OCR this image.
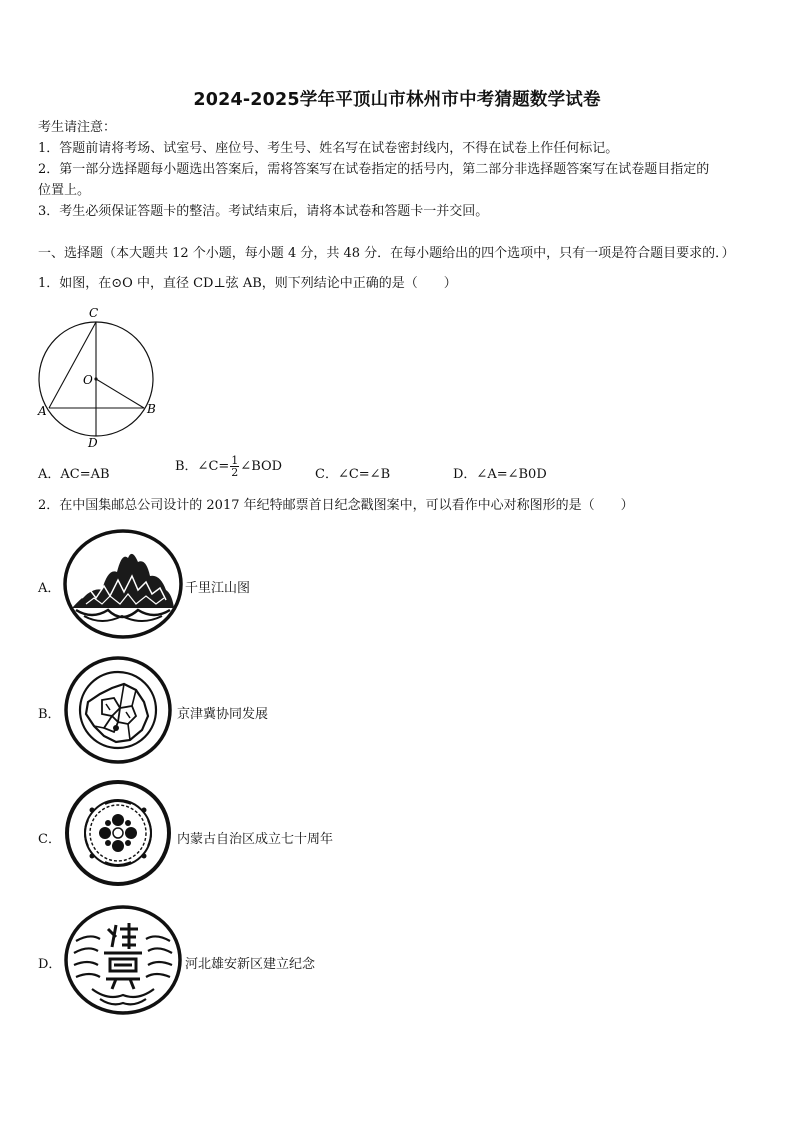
2024-2025学年平顶山市林州市中考猜题数学试卷
考生请注意：
1．答题前请将考场、试室号、座位号、考生号、姓名写在试卷密封线内，不得在试卷上作任何标记。
2．第一部分选择题每小题选出答案后，需将答案写在试卷指定的括号内，第二部分非选择题答案写在试卷题目指定的
位置上。
3．考生必须保证答题卡的整洁。考试结束后，请将本试卷和答题卡一并交回。
一、选择题（本大题共 12 个小题，每小题 4 分，共 48 分．在每小题给出的四个选项中，只有一项是符合题目要求的．）
1．如图，在⊙O 中，直径 CD⊥弦 AB，则下列结论中正确的是（　　）
C
O
A	B
D
A．AC=AB
B．∠C= $\frac{1}{2}$ ∠BOD
C．∠C=∠B	D．∠A=∠B0D
2．在中国集邮总公司设计的 2017 年纪特邮票首日纪念戳图案中，可以看作中心对称图形的是（　　）
A．	千里江山图
B．	京津冀协同发展
C．	内蒙古自治区成立七十周年
D．	河北雄安新区建立纪念
